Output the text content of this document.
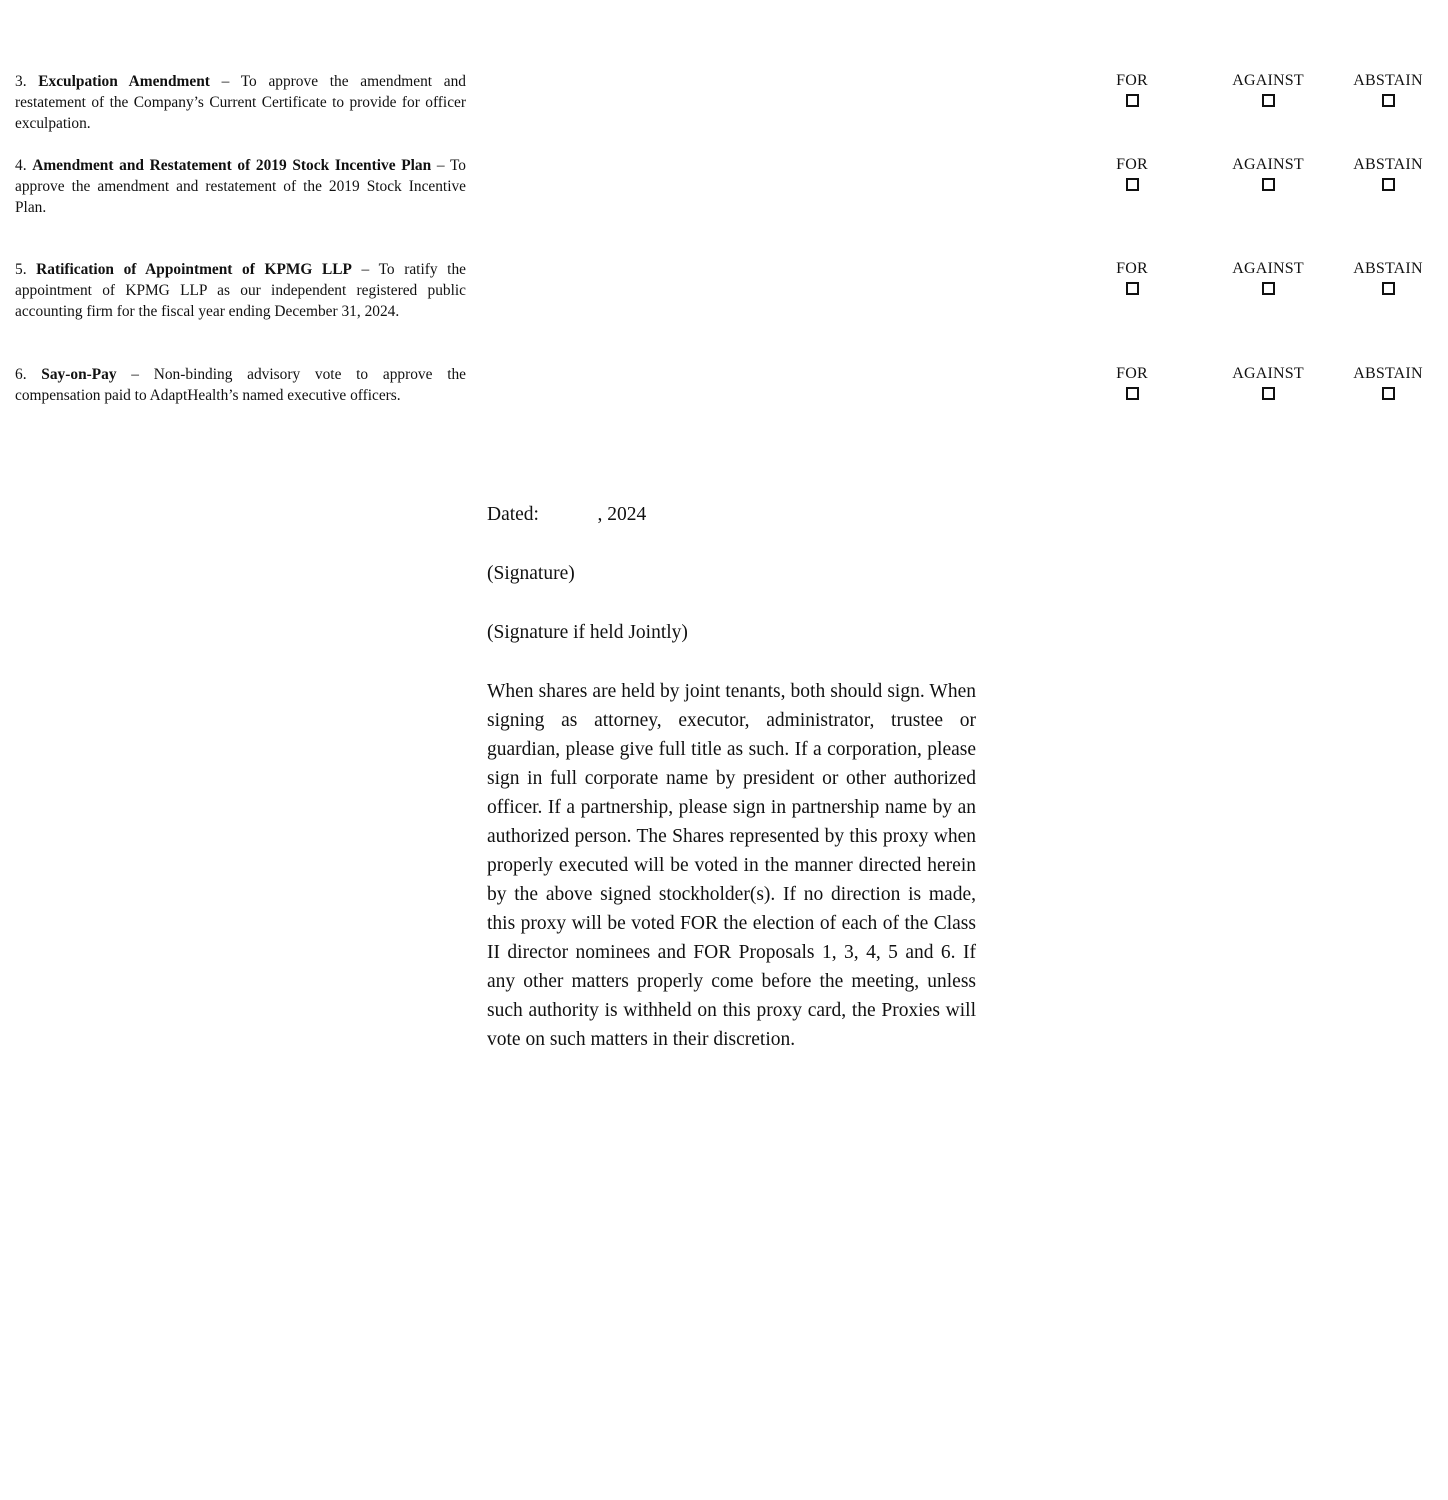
3. Exculpation Amendment – To approve the amendment and restatement of the Company’s Current Certificate to provide for officer exculpation.
FOR	AGAINST	ABSTAIN
4. Amendment and Restatement of 2019 Stock Incentive Plan – To approve the amendment and restatement of the 2019 Stock Incentive Plan.
FOR	AGAINST	ABSTAIN
5. Ratification of Appointment of KPMG LLP – To ratify the appointment of KPMG LLP as our independent registered public accounting firm for the fiscal year ending December 31, 2024.
FOR	AGAINST	ABSTAIN
6. Say-on-Pay – Non-binding advisory vote to approve the compensation paid to AdaptHealth’s named executive officers.
FOR	AGAINST	ABSTAIN
Dated:            , 2024
(Signature)
(Signature if held Jointly)
When shares are held by joint tenants, both should sign. When signing as attorney, executor, administrator, trustee or guardian, please give full title as such. If a corporation, please sign in full corporate name by president or other authorized officer. If a partnership, please sign in partnership name by an authorized person. The Shares represented by this proxy when properly executed will be voted in the manner directed herein by the above signed stockholder(s). If no direction is made, this proxy will be voted FOR the election of each of the Class II director nominees and FOR Proposals 1, 3, 4, 5 and 6. If any other matters properly come before the meeting, unless such authority is withheld on this proxy card, the Proxies will vote on such matters in their discretion.
